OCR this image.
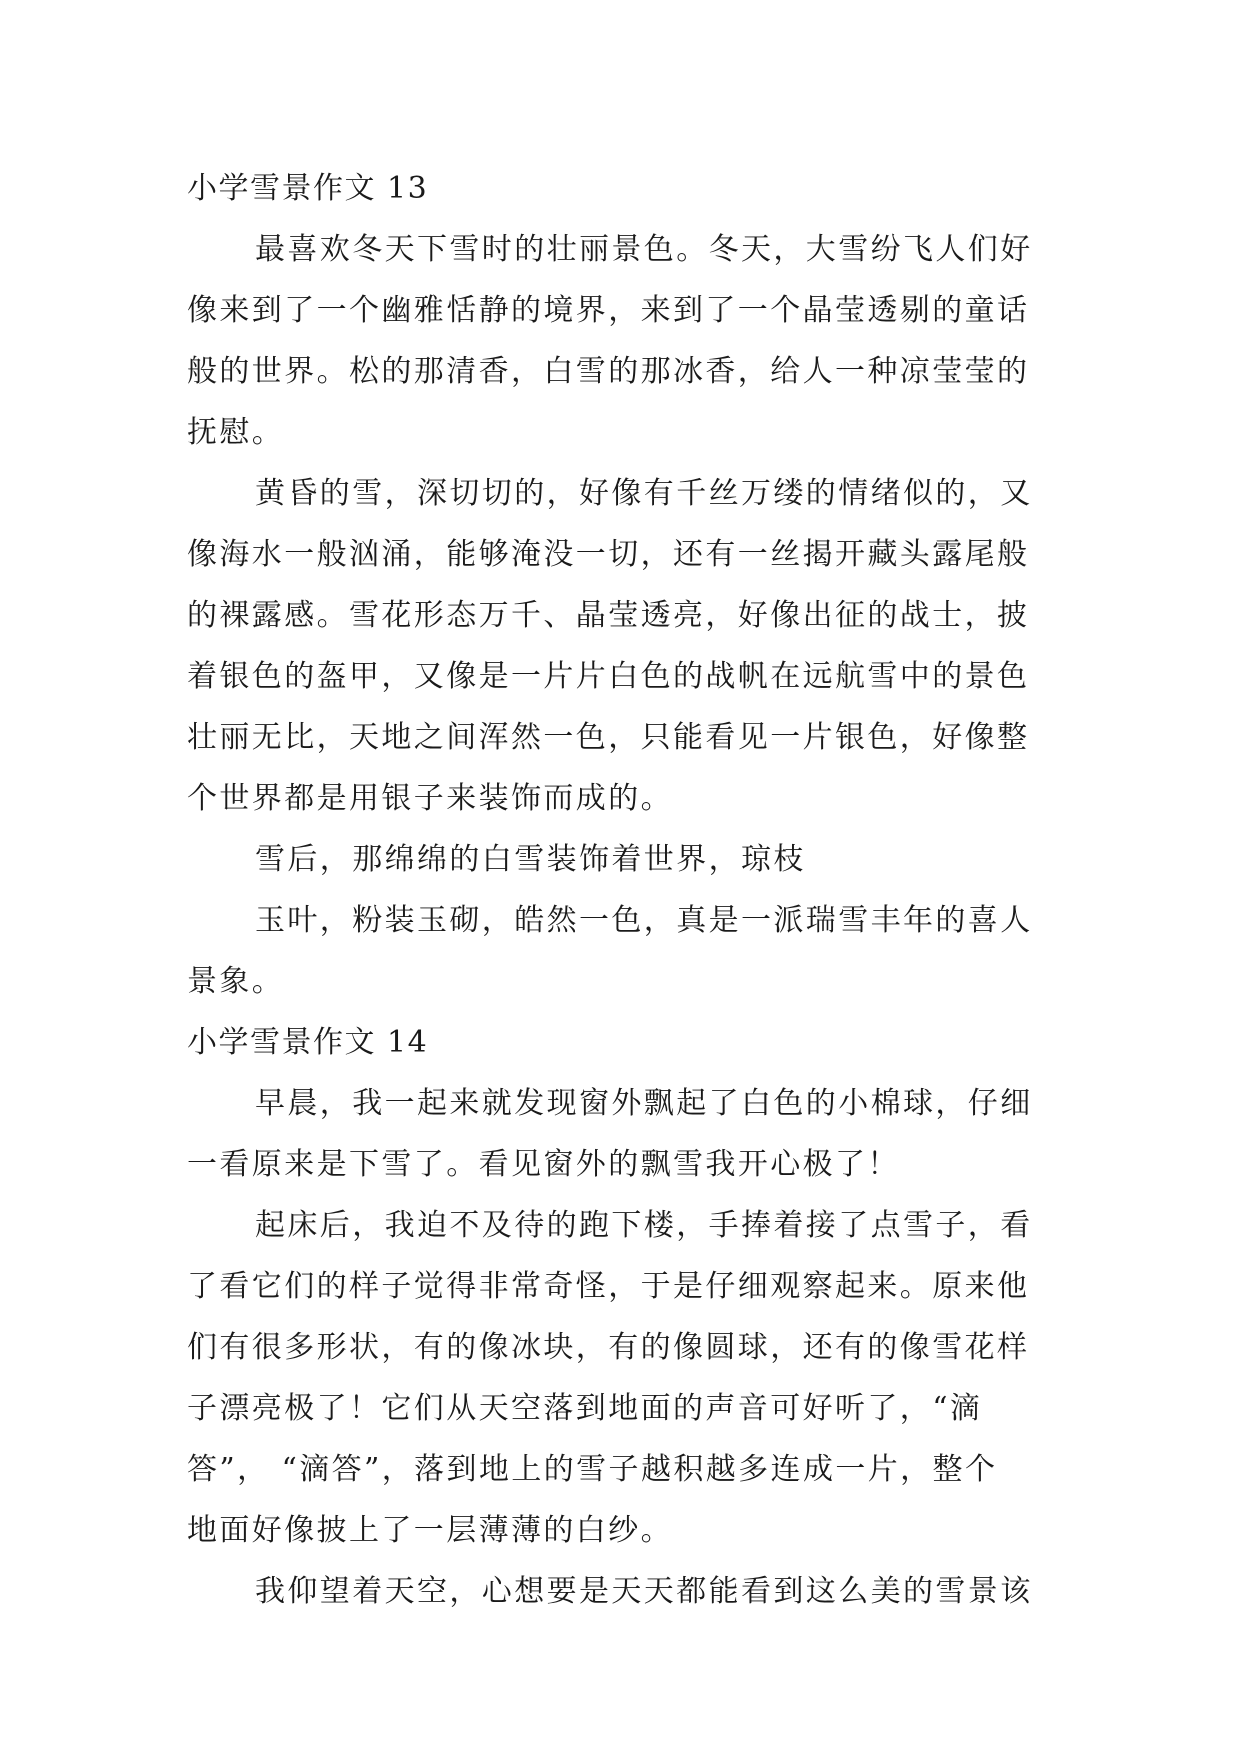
小学雪景作文 13
最喜欢冬天下雪时的壮丽景色。冬天，大雪纷飞人们好
像来到了一个幽雅恬静的境界，来到了一个晶莹透剔的童话
般的世界。松的那清香，白雪的那冰香，给人一种凉莹莹的
抚慰。
黄昏的雪，深切切的，好像有千丝万缕的情绪似的，又
像海水一般汹涌，能够淹没一切，还有一丝揭开藏头露尾般
的裸露感。雪花形态万千、晶莹透亮，好像出征的战士，披
着银色的盔甲，又像是一片片白色的战帆在远航雪中的景色
壮丽无比，天地之间浑然一色，只能看见一片银色，好像整
个世界都是用银子来装饰而成的。
雪后，那绵绵的白雪装饰着世界，琼枝
玉叶，粉装玉砌，皓然一色，真是一派瑞雪丰年的喜人
景象。
小学雪景作文 14
早晨，我一起来就发现窗外飘起了白色的小棉球，仔细
一看原来是下雪了。看见窗外的飘雪我开心极了！
起床后，我迫不及待的跑下楼，手捧着接了点雪子，看
了看它们的样子觉得非常奇怪，于是仔细观察起来。原来他
们有很多形状，有的像冰块，有的像圆球，还有的像雪花样
子漂亮极了！它们从天空落到地面的声音可好听了，“滴
答”， “滴答”，落到地上的雪子越积越多连成一片，整个
地面好像披上了一层薄薄的白纱。
我仰望着天空，心想要是天天都能看到这么美的雪景该
